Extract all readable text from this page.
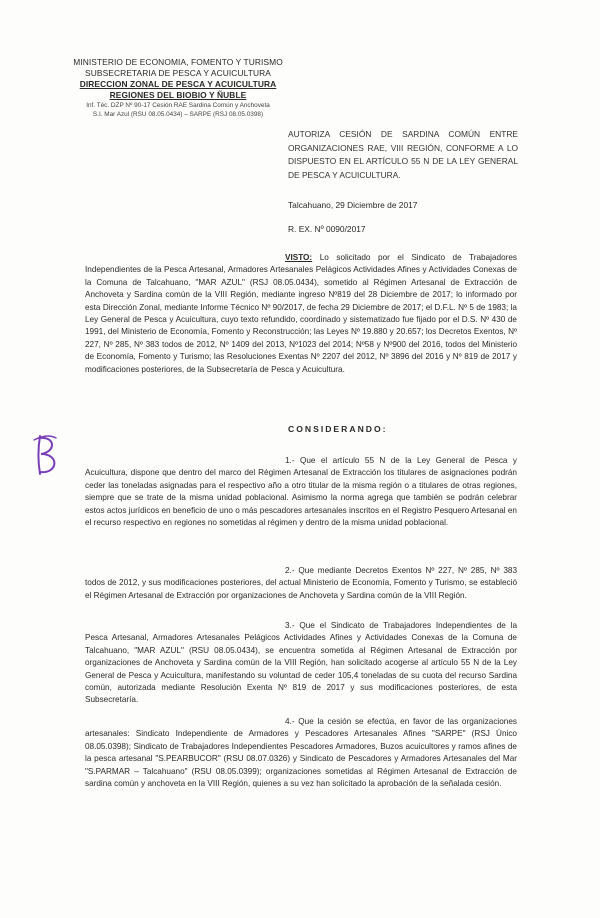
MINISTERIO DE ECONOMIA, FOMENTO Y TURISMO
SUBSECRETARIA DE PESCA Y ACUICULTURA
DIRECCION ZONAL DE PESCA Y ACUICULTURA
REGIONES DEL BIOBIO Y ÑUBLE
Inf. Téc. DZP Nº 90-17 Cesión RAE Sardina Común y Anchoveta
S.I. Mar Azul (RSU 08.05.0434) – SARPE (RSJ 08.05.0398)
AUTORIZA CESIÓN DE SARDINA COMÚN ENTRE ORGANIZACIONES RAE, VIII REGIÓN, CONFORME A LO DISPUESTO EN EL ARTÍCULO 55 N DE LA LEY GENERAL DE PESCA Y ACUICULTURA.
Talcahuano, 29 Diciembre de 2017
R. EX. Nº 0090/2017
VISTO: Lo solicitado por el Sindicato de Trabajadores Independientes de la Pesca Artesanal, Armadores Artesanales Pelágicos Actividades Afines y Actividades Conexas de la Comuna de Talcahuano, "MAR AZUL" (RSJ 08.05.0434), sometido al Régimen Artesanal de Extracción de Anchoveta y Sardina común de la VIII Región, mediante ingreso Nº819 del 28 Diciembre de 2017; lo informado por esta Dirección Zonal, mediante Informe Técnico Nº 90/2017, de fecha 29 Diciembre de 2017; el D.F.L. Nº 5 de 1983; la Ley General de Pesca y Acuicultura, cuyo texto refundido, coordinado y sistematizado fue fijado por el D.S. Nº 430 de 1991, del Ministerio de Economía, Fomento y Reconstrucción; las Leyes Nº 19.880 y 20.657; los Decretos Exentos, Nº 227, Nº 285, Nº 383 todos de 2012, Nº 1409 del 2013, Nº1023 del 2014; Nº58 y Nº900 del 2016, todos del Ministerio de Economía, Fomento y Turismo; las Resoluciones Exentas Nº 2207 del 2012, Nº 3896 del 2016 y Nº 819 de 2017 y modificaciones posteriores, de la Subsecretaría de Pesca y Acuicultura.
CONSIDERANDO:
1.- Que el artículo 55 N de la Ley General de Pesca y Acuicultura, dispone que dentro del marco del Régimen Artesanal de Extracción los titulares de asignaciones podrán ceder las toneladas asignadas para el respectivo año a otro titular de la misma región o a titulares de otras regiones, siempre que se trate de la misma unidad poblacional. Asimismo la norma agrega que también se podrán celebrar estos actos jurídicos en beneficio de uno o más pescadores artesanales inscritos en el Registro Pesquero Artesanal en el recurso respectivo en regiones no sometidas al régimen y dentro de la misma unidad poblacional.
2.- Que mediante Decretos Exentos Nº 227, Nº 285, Nº 383 todos de 2012, y sus modificaciones posteriores, del actual Ministerio de Economía, Fomento y Turismo, se estableció el Régimen Artesanal de Extracción por organizaciones de Anchoveta y Sardina común de la VIII Región.
3.- Que el Sindicato de Trabajadores Independientes de la Pesca Artesanal, Armadores Artesanales Pelágicos Actividades Afines y Actividades Conexas de la Comuna de Talcahuano, "MAR AZUL" (RSU 08.05.0434), se encuentra sometida al Régimen Artesanal de Extracción por organizaciones de Anchoveta y Sardina común de la VIII Región, han solicitado acogerse al artículo 55 N de la Ley General de Pesca y Acuicultura, manifestando su voluntad de ceder 105,4 toneladas de su cuota del recurso Sardina común, autorizada mediante Resolución Exenta Nº 819 de 2017 y sus modificaciones posteriores, de esta Subsecretaría.
4.- Que la cesión se efectúa, en favor de las organizaciones artesanales: Sindicato Independiente de Armadores y Pescadores Artesanales Afines "SARPE" (RSJ Único 08.05.0398); Sindicato de Trabajadores Independientes Pescadores Armadores, Buzos acuicultores y ramos afines de la pesca artesanal "S.PEARBUCOR" (RSU 08.07.0326) y Sindicato de Pescadores y Armadores Artesanales del Mar "S.PARMAR – Talcahuano" (RSU 08.05.0399); organizaciones sometidas al Régimen Artesanal de Extracción de sardina común y anchoveta en la VIII Región, quienes a su vez han solicitado la aprobación de la señalada cesión.
